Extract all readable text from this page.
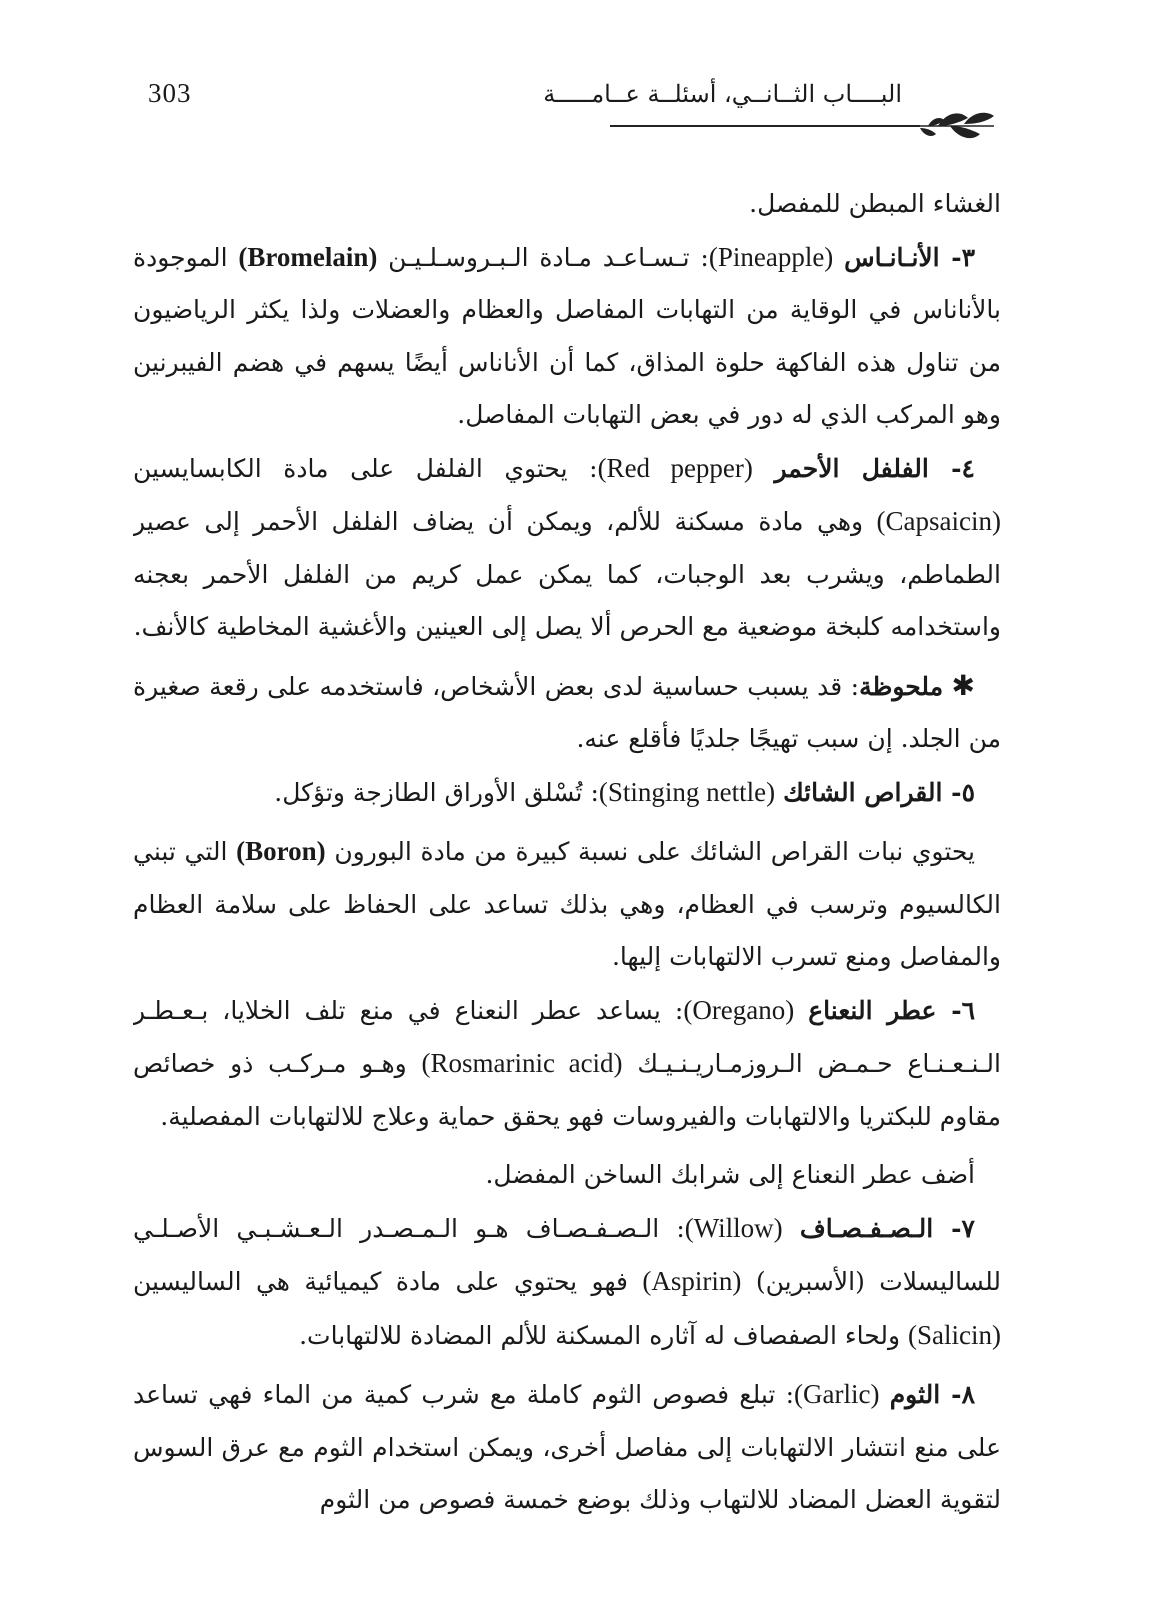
303	البــــاب الثــانــي، أسئلــة عــامـــــة

الغشاء المبطن للمفصل.

٣- الأنـانـاس (Pineapple): تـسـاعـد مـادة الـبـروسـلـيـن (Bromelain) الموجودة بالأناناس في الوقاية من التهابات المفاصل والعظام والعضلات ولذا يكثر الرياضيون من تناول هذه الفاكهة حلوة المذاق، كما أن الأناناس أيضًا يسهم في هضم الفيبرنين وهو المركب الذي له دور في بعض التهابات المفاصل.

٤- الفلفل الأحمر (Red pepper): يحتوي الفلفل على مادة الكابسايسين (Capsaicin) وهي مادة مسكنة للألم، ويمكن أن يضاف الفلفل الأحمر إلى عصير الطماطم، ويشرب بعد الوجبات، كما يمكن عمل كريم من الفلفل الأحمر بعجنه واستخدامه كلبخة موضعية مع الحرص ألا يصل إلى العينين والأغشية المخاطية كالأنف.

✱ ملحوظة: قد يسبب حساسية لدى بعض الأشخاص، فاستخدمه على رقعة صغيرة من الجلد. إن سبب تهيجًا جلديًا فأقلع عنه.

٥- القراص الشائك (Stinging nettle): تُسْلق الأوراق الطازجة وتؤكل.

يحتوي نبات القراص الشائك على نسبة كبيرة من مادة البورون (Boron) التي تبني الكالسيوم وترسب في العظام، وهي بذلك تساعد على الحفاظ على سلامة العظام والمفاصل ومنع تسرب الالتهابات إليها.

٦- عطر النعناع (Oregano): يساعد عطر النعناع في منع تلف الخلايا، بـعـطـر الـنـعـنـاع حـمـض الـروزمـاريـنـيـك (Rosmarinic acid) وهـو مـركـب ذو خصائص مقاوم للبكتريا والالتهابات والفيروسات فهو يحقق حماية وعلاج للالتهابات المفصلية.

أضف عطر النعناع إلى شرابك الساخن المفضل.

٧- الـصـفـصـاف (Willow): الـصـفـصـاف هـو الـمـصـدر الـعـشـبـي الأصـلـي للساليسلات (الأسبرين) (Aspirin) فهو يحتوي على مادة كيميائية هي الساليسين (Salicin) ولحاء الصفصاف له آثاره المسكنة للألم المضادة للالتهابات.

٨- الثوم (Garlic): تبلع فصوص الثوم كاملة مع شرب كمية من الماء فهي تساعد على منع انتشار الالتهابات إلى مفاصل أخرى، ويمكن استخدام الثوم مع عرق السوس لتقوية العضل المضاد للالتهاب وذلك بوضع خمسة فصوص من الثوم
